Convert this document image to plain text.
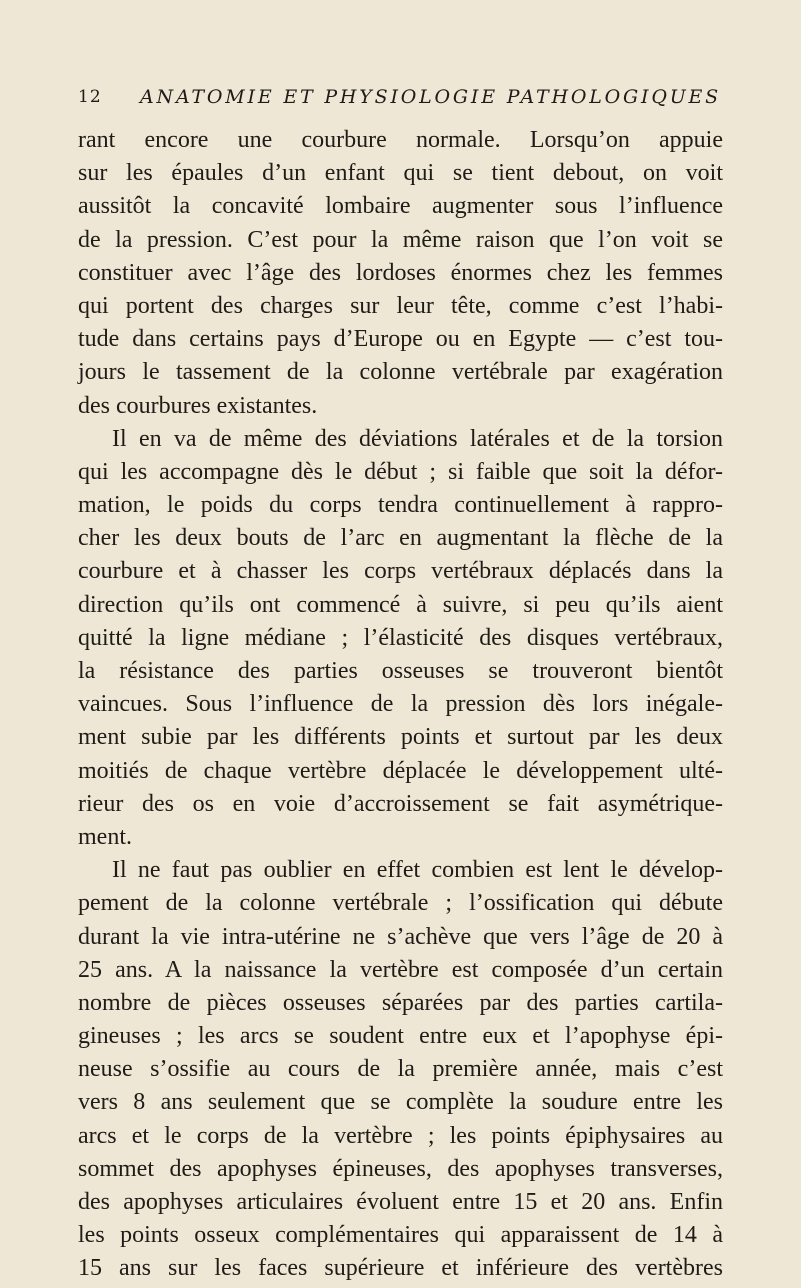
12 ANATOMIE ET PHYSIOLOGIE PATHOLOGIQUES
rant encore une courbure normale. Lorsqu’on appuie
sur les épaules d’un enfant qui se tient debout, on voit
aussitôt la concavité lombaire augmenter sous l’influence
de la pression. C’est pour la même raison que l’on voit se
constituer avec l’âge des lordoses énormes chez les femmes
qui portent des charges sur leur tête, comme c’est l’habi-
tude dans certains pays d’Europe ou en Egypte — c’est tou-
jours le tassement de la colonne vertébrale par exagération
des courbures existantes.
Il en va de même des déviations latérales et de la torsion
qui les accompagne dès le début ; si faible que soit la défor-
mation, le poids du corps tendra continuellement à rappro-
cher les deux bouts de l’arc en augmentant la flèche de la
courbure et à chasser les corps vertébraux déplacés dans la
direction qu’ils ont commencé à suivre, si peu qu’ils aient
quitté la ligne médiane ; l’élasticité des disques vertébraux,
la résistance des parties osseuses se trouveront bientôt
vaincues. Sous l’influence de la pression dès lors inégale-
ment subie par les différents points et surtout par les deux
moitiés de chaque vertèbre déplacée le développement ulté-
rieur des os en voie d’accroissement se fait asymétrique-
ment.
Il ne faut pas oublier en effet combien est lent le dévelop-
pement de la colonne vertébrale ; l’ossification qui débute
durant la vie intra-utérine ne s’achève que vers l’âge de 20 à
25 ans. A la naissance la vertèbre est composée d’un certain
nombre de pièces osseuses séparées par des parties cartila-
gineuses ; les arcs se soudent entre eux et l’apophyse épi-
neuse s’ossifie au cours de la première année, mais c’est
vers 8 ans seulement que se complète la soudure entre les
arcs et le corps de la vertèbre ; les points épiphysaires au
sommet des apophyses épineuses, des apophyses transverses,
des apophyses articulaires évoluent entre 15 et 20 ans. Enfin
les points osseux complémentaires qui apparaissent de 14 à
15 ans sur les faces supérieure et inférieure des vertèbres
